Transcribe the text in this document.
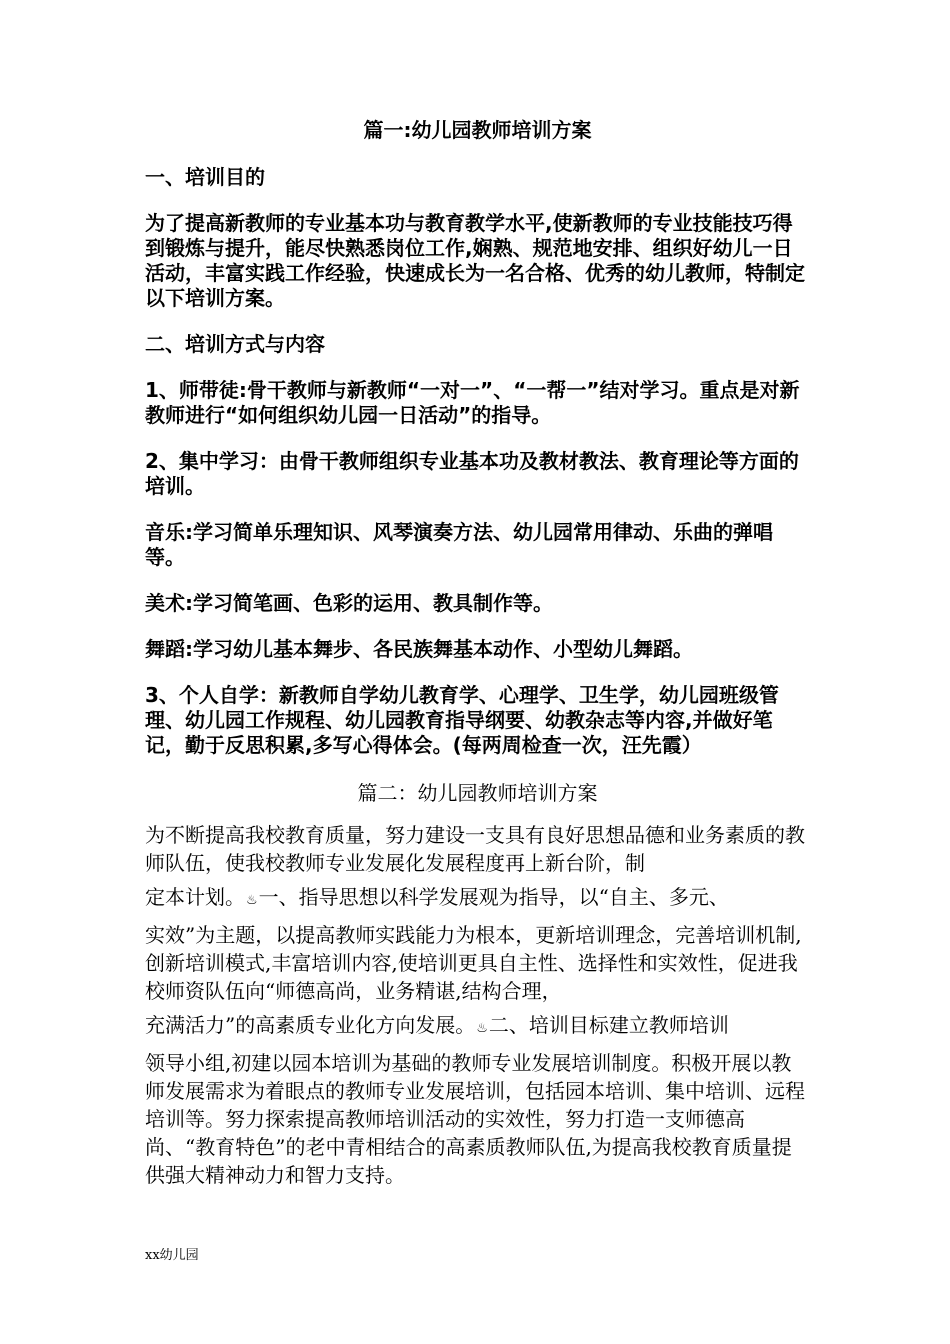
篇一:幼儿园教师培训方案
一、培训目的
为了提高新教师的专业基本功与教育教学水平,使新教师的专业技能技巧得到锻炼与提升，能尽快熟悉岗位工作,娴熟、规范地安排、组织好幼儿一日活动，丰富实践工作经验，快速成长为一名合格、优秀的幼儿教师，特制定以下培训方案。
二、培训方式与内容
1、师带徒:骨干教师与新教师“一对一”、“一帮一”结对学习。重点是对新教师进行“如何组织幼儿园一日活动”的指导。
2、集中学习：由骨干教师组织专业基本功及教材教法、教育理论等方面的培训。
音乐:学习简单乐理知识、风琴演奏方法、幼儿园常用律动、乐曲的弹唱等。
美术:学习简笔画、色彩的运用、教具制作等。
舞蹈:学习幼儿基本舞步、各民族舞基本动作、小型幼儿舞蹈。
3、个人自学：新教师自学幼儿教育学、心理学、卫生学，幼儿园班级管理、幼儿园工作规程、幼儿园教育指导纲要、幼教杂志等内容,并做好笔记，勤于反思积累,多写心得体会。(每两周检查一次，汪先霞）
篇二：幼儿园教师培训方案

为不断提高我校教育质量，努力建设一支具有良好思想品德和业务素质的教师队伍，使我校教师专业发展化发展程度再上新台阶，制

定本计划。♨一、指导思想以科学发展观为指导，以“自主、多元、

实效”为主题，以提高教师实践能力为根本，更新培训理念，完善培训机制,创新培训模式,丰富培训内容,使培训更具自主性、选择性和实效性，促进我校师资队伍向“师德高尚，业务精谌,结构合理，

充满活力”的高素质专业化方向发展。♨二、培训目标建立教师培训

领导小组,初建以园本培训为基础的教师专业发展培训制度。积极开展以教师发展需求为着眼点的教师专业发展培训，包括园本培训、集中培训、远程培训等。努力探索提高教师培训活动的实效性，努力打造一支师德高尚、“教育特色”的老中青相结合的高素质教师队伍,为提高我校教育质量提供强大精神动力和智力支持。

xx幼儿园
